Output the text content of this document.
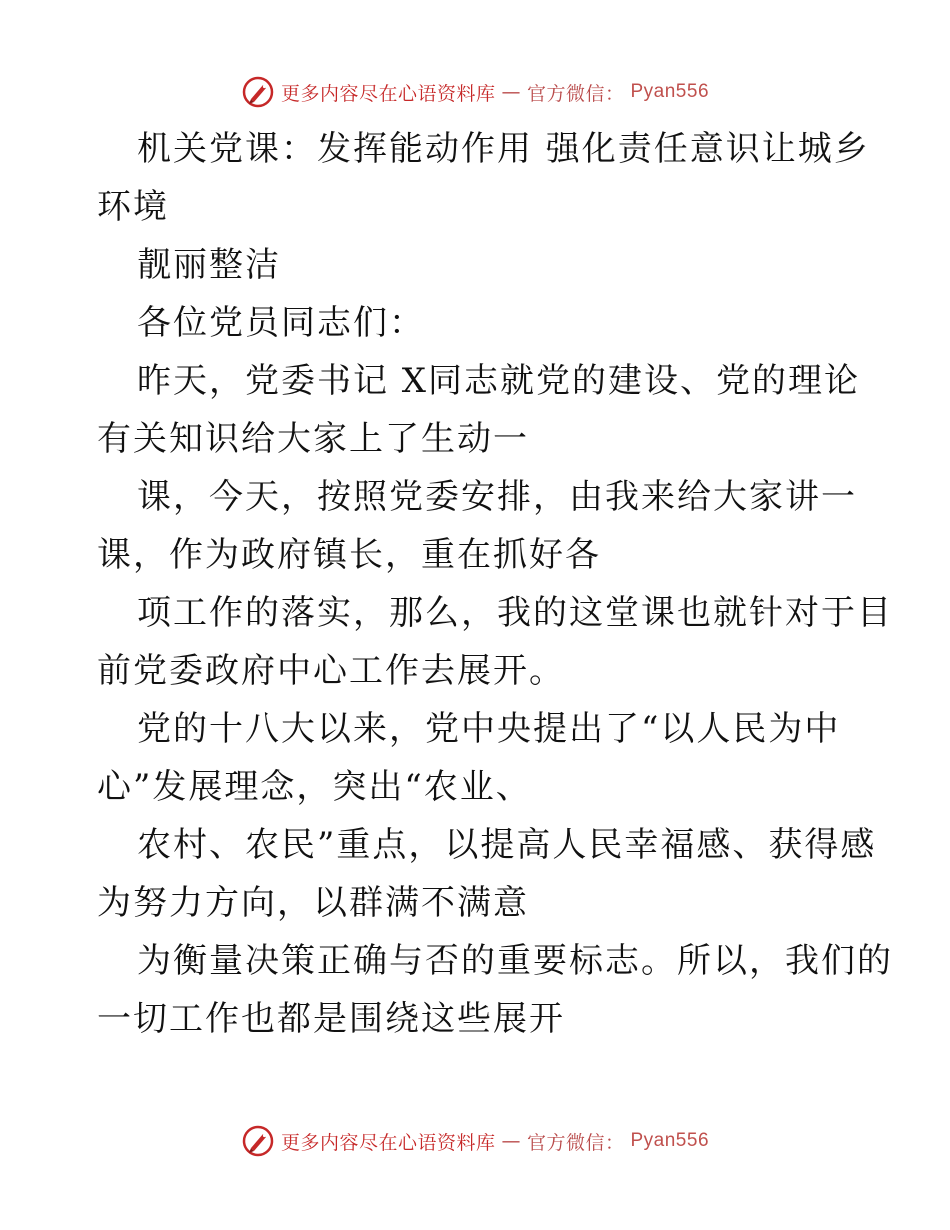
更多内容尽在心语资料库 — 官方微信： Pyan556

机关党课：发挥能动作用 强化责任意识让城乡

环境

靓丽整洁

各位党员同志们：

昨天，党委书记 X同志就党的建设、党的理论

有关知识给大家上了生动一

课，今天，按照党委安排，由我来给大家讲一

课，作为政府镇长，重在抓好各

项工作的落实，那么，我的这堂课也就针对于目

前党委政府中心工作去展开。

党的十八大以来，党中央提出了“以人民为中

心”发展理念，突出“农业、

农村、农民”重点，以提高人民幸福感、获得感

为努力方向，以群满不满意

为衡量决策正确与否的重要标志。所以，我们的

一切工作也都是围绕这些展开

更多内容尽在心语资料库 — 官方微信： Pyan556
